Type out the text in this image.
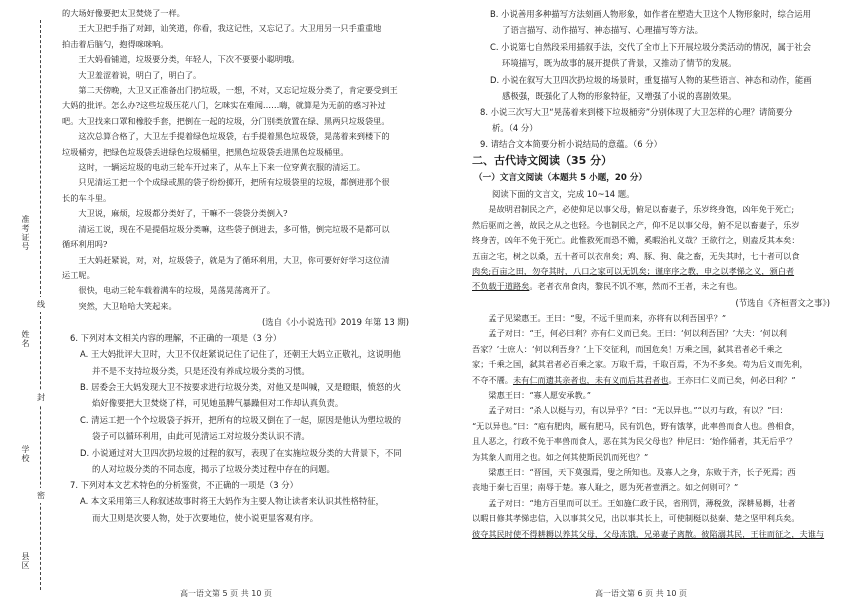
准考证号
姓名
学校
县区
线
封
密

的大场好像要把太卫焚烧了一样。

王大卫把手指了对卸，讪笑道，你看，我这记性，又忘记了。大卫用另一只手重重地

拍击着后脑勺，抱得咪咪响。

王大妈看铺道，垃圾要分类，年轻人，下次不要要小聪明哦。

大卫羞涩着说，明白了，明白了。

第二天傍晚，大卫又正准备出门扔垃圾，一想，不对，又忘记垃圾分类了，肯定要受到王

大妈的批评。怎么办?这些垃圾压花八门，乞咪实在难闻……嗨，就算是为无前的惑习补过

吧。大卫找来口罩和橡胶手套，把倒在一起的垃圾，分门别类放置在绿、黑两只垃圾袋里。

这次总算合格了，大卫左手提着绿色垃圾袋，右手提着黑色垃圾袋，晃荡着来到楼下的

垃圾桶旁，把绿色垃圾袋丢进绿色垃圾桶里，把黑色垃圾袋丢进黑色垃圾桶里。

这时，一辆运垃圾的电动三轮车开过来了，从车上下来一位穿黄衣服的清运工。

只见清运工把一个个成绿或黑的袋子纷纷掷开，把所有垃圾袋里的垃圾，都倒进那个很

长的车斗里。

大卫说，麻烦，垃圾都分类好了，干嘛不一袋袋分类倒入?

清运工说，现在不是提倡垃圾分类嘛，这些袋子倒进去，多可惜，倒完垃圾不是都可以

循环利用吗?

王大妈赶紧说，对，对，垃圾袋子，就是为了循环利用，大卫，你可要好好学习这位清

运工呢。

很快，电动三轮车载着满车的垃圾，晃荡晃荡离开了。

突然，大卫哈哈大笑起来。

(选自《小小说选刊》2019 年第 13 期)

6. 下列对本文相关内容的理解，不正确的一项是（3 分）

A. 王大妈批评大卫时，大卫不仅赶紧说记住了记住了，还朝王大妈立正敬礼，这说明他

并不是不支持垃圾分类，只是还没有养成垃圾分类的习惯。

B. 居委会王大妈发现大卫不按要求进行垃圾分类，对他又是叫喊，又是瞪眼，愤怒的火

焰好像要把大卫焚烧了样，可见她虽脾气暴躁但对工作却认真负责。

C. 清运工把一个个垃圾袋子拆开，把所有的垃圾又倒在了一起，原因是他认为塑垃圾的

袋子可以循环利用，由此可见清运工对垃圾分类认识不清。

D. 小说通过对大卫四次扔垃圾的过程的叙写，表现了在实施垃圾分类的大背景下，不同

的人对垃圾分类的不同态度，揭示了垃圾分类过程中存在的问题。

7. 下列对本文艺术特色的分析鉴赏，不正确的一项是（3 分）

A. 本文采用第三人称叙述故事时将王大妈作为主要人物让读者来认识其性格特征，

而大卫则是次要人物，处于次要地位，使小说更显客观有序。

高一语文第 5 页 共 10 页

B. 小说善用多种描写方法刻画人物形象，如作者在塑造大卫这个人物形象时，综合运用

了语言描写、动作描写、神态描写、心理描写等方法。

C. 小说第七自然段采用插叙手法，交代了全市上下开展垃圾分类活动的情况，属于社会

环境描写，既为故事的展开提供了背景，又推动了情节的发展。

D. 小说在叙写大卫四次扔垃圾的场景时，重复描写人物的某些语言、神态和动作，能画

感极强，既强化了人物的形象特征，又增强了小说的喜剧效果。

8. 小说三次写大卫“晃荡着来到楼下垃圾桶旁”分别体现了大卫怎样的心理？请简要分

析。（4 分）

9. 请结合文本简要分析小说结局的意蕴。（6 分）

二、古代诗文阅读（35 分）

（一）文言文阅读（本题共 5 小题，20 分）

阅读下面的文言文，完成 10~14 题。

是故明君制民之产，必使仰足以事父母，俯足以畜妻子，乐岁终身饱，凶年免于死亡;

然后驱而之善，故民之从之也轻。今也制民之产，仰不足以事父母，俯不足以畜妻子，乐岁

终身苦，凶年不免于死亡。此惟救死而恐不赡，奚暇治礼义哉？王欲行之，则盍反其本矣：

五亩之宅，树之以桑，五十者可以衣帛矣；鸡、豚、狗、彘之畜，无失其时，七十者可以食

肉矣;百亩之田，勿夺其时，八口之家可以无饥矣；谨庠序之教，申之以孝悌之义，颁白者

不负载于道路矣。老者衣帛食肉，黎民不饥不寒，然而不王者，未之有也。

(节选自《齐桓晋文之事》)

孟子见梁惠王。王曰：“叟，不远千里而来，亦将有以利吾国乎？”

孟子对曰：“王，何必曰利？亦有仁义而已矣。王曰：‘何以利吾国？’大夫：‘何以利

吾家？’士庶人：‘何以利吾身？’上下交征利，而国危矣！万乘之国，弑其君者必千乘之

家；千乘之国，弑其君者必百乘之家。万取千焉，千取百焉，不为不多矣。苟为后义而先利，

不夺不餍。未有仁而遗其亲者也，未有义而后其君者也。王亦曰仁义而已矣，何必曰利？”

梁惠王曰：“寡人愿安承教。”

孟子对曰：“杀人以梃与刃，有以异乎？”曰：“无以异也。”“以刃与政，有以？”曰：

“无以异也。”曰：“庖有肥肉，厩有肥马，民有饥色，野有饿莩，此率兽而食人也。兽相食，

且人恶之，行政不免于率兽而食人，恶在其为民父母也？仲尼曰：‘始作俑者，其无后乎’？

为其象人而用之也。如之何其使斯民饥而死也？”

梁惠王曰：“晋国，天下莫强焉，叟之所知也。及寡人之身，东败于齐，长子死焉；西

丧地于秦七百里；南辱于楚。寡人耻之，愿为死者壹洒之。如之何则可？”

孟子对曰：“地方百里而可以王。王如施仁政于民，省刑罚，薄税敛，深耕易耨，壮者

以暇日修其孝悌忠信，入以事其父兄，出以事其长上，可使制梃以挞秦、楚之坚甲利兵矣。

彼夺其民时使不得耕耨以养其父母，父母冻饿，兄弟妻子离散。彼陷溺其民，王往而征之，夫谁与

高一语文第 6 页 共 10 页
